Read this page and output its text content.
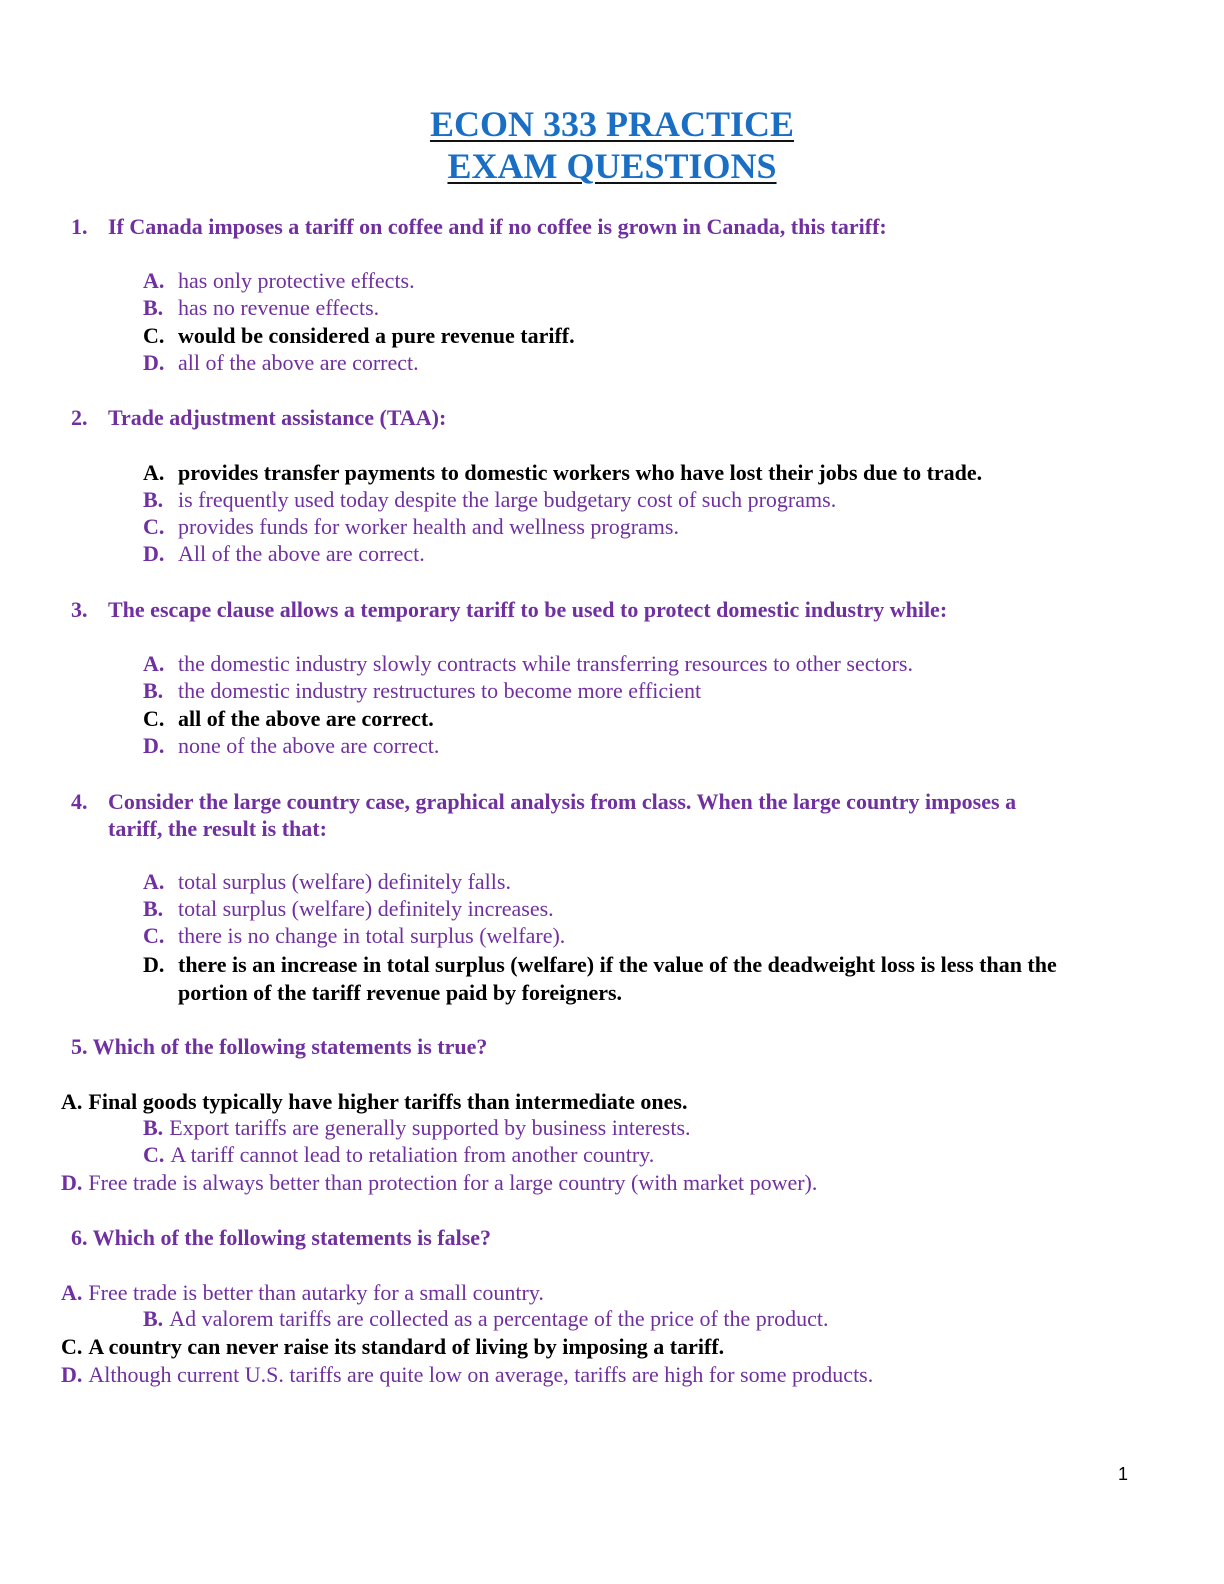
ECON 333 PRACTICE
EXAM QUESTIONS
1. If Canada imposes a tariff on coffee and if no coffee is grown in Canada, this tariff:
A. has only protective effects.
B. has no revenue effects.
C. would be considered a pure revenue tariff.
D. all of the above are correct.
2. Trade adjustment assistance (TAA):
A. provides transfer payments to domestic workers who have lost their jobs due to trade.
B. is frequently used today despite the large budgetary cost of such programs.
C. provides funds for worker health and wellness programs.
D. All of the above are correct.
3. The escape clause allows a temporary tariff to be used to protect domestic industry while:
A. the domestic industry slowly contracts while transferring resources to other sectors.
B. the domestic industry restructures to become more efficient
C. all of the above are correct.
D. none of the above are correct.
4. Consider the large country case, graphical analysis from class. When the large country imposes a
tariff, the result is that:
A. total surplus (welfare) definitely falls.
B. total surplus (welfare) definitely increases.
C. there is no change in total surplus (welfare).
D. there is an increase in total surplus (welfare) if the value of the deadweight loss is less than the
portion of the tariff revenue paid by foreigners.
5. Which of the following statements is true?
A. Final goods typically have higher tariffs than intermediate ones.
B. Export tariffs are generally supported by business interests.
C. A tariff cannot lead to retaliation from another country.
D. Free trade is always better than protection for a large country (with market power).
6. Which of the following statements is false?
A. Free trade is better than autarky for a small country.
B. Ad valorem tariffs are collected as a percentage of the price of the product.
C. A country can never raise its standard of living by imposing a tariff.
D. Although current U.S. tariffs are quite low on average, tariffs are high for some products.
1
